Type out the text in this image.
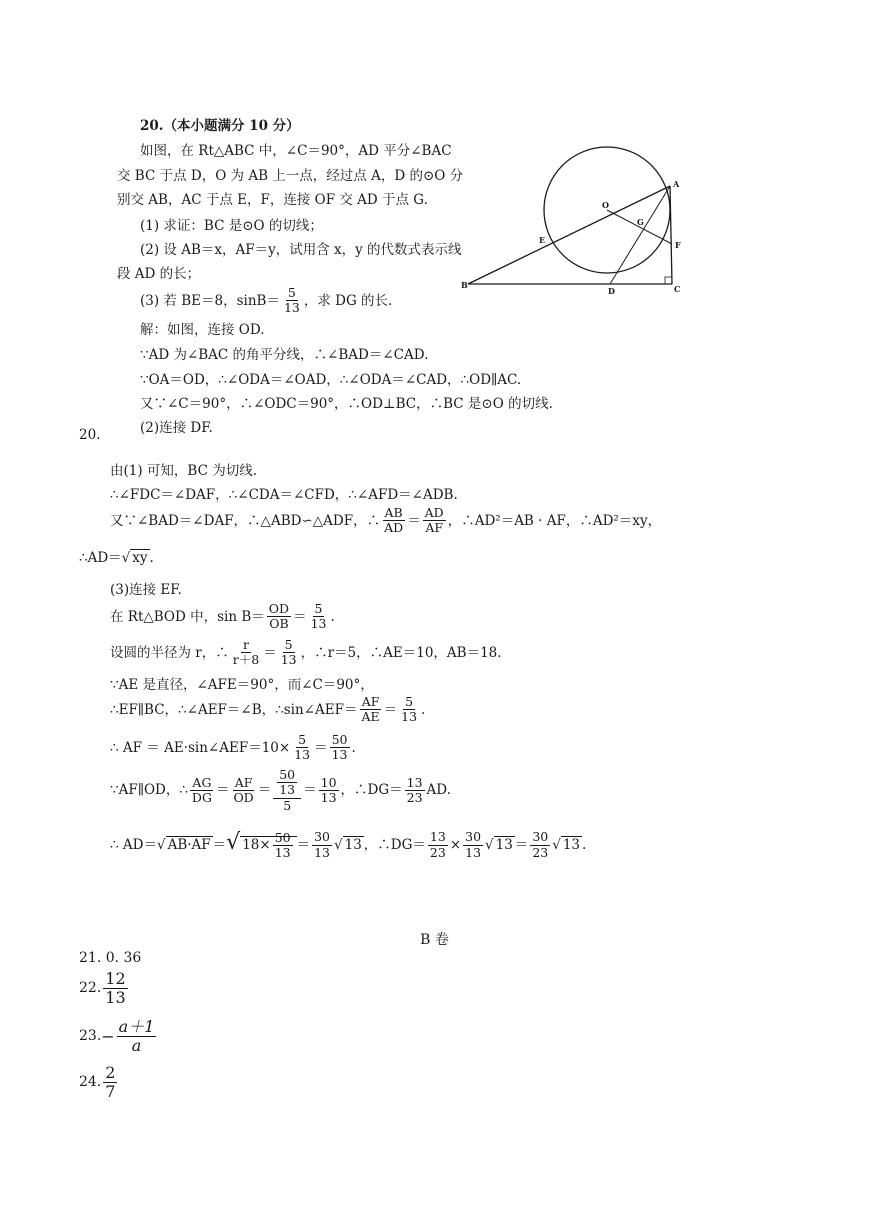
20.（本小题满分 10 分）
如图，在 Rt△ABC 中，∠C＝90°，AD 平分∠BAC
交 BC 于点 D，O 为 AB 上一点，经过点 A，D 的⊙O 分
别交 AB，AC 于点 E，F，连接 OF 交 AD 于点 G.
(1) 求证：BC 是⊙O 的切线；
(2) 设 AB＝x，AF＝y，试用含 x，y 的代数式表示线
段 AD 的长；
(3) 若 BE＝8，$\sin B= \frac{5}{13}$ ，求 DG 的长.
A
B	C
D
E	F
G
O
解：如图，连接 OD.
∵AD 为∠BAC 的角平分线，∴∠BAD＝∠CAD.
∵OA＝OD，∴∠ODA＝∠OAD，∴∠ODA＝∠CAD，∴OD∥AC.
又∵∠C＝90°，∴∠ODC＝90°，∴OD⊥BC，∴BC 是⊙O 的切线.
20.	(2)连接 DF.
由(1) 可知，BC 为切线.
∴∠FDC＝∠DAF，∴∠CDA＝∠CFD，∴∠AFD＝∠ADB.
又∵∠BAD＝∠DAF，∴△ABD∽△ADF，∴ $\frac{AB}{AD} = \frac{AD}{AF}$ ，∴AD²＝AB · AF，∴AD²＝xy，
∴AD＝√ xy .
(3)连接 EF.
在 Rt△BOD 中，$\sin B= \frac{OD}{OB} = \frac{5}{13}$ .
设圆的半径为 r，∴ $\frac{r}{r+8} = \frac{5}{13}$ ，∴r＝5，∴AE＝10，AB＝18.
∵AE 是直径，∠AFE＝90°，而∠C＝90°，
∴EF∥BC，∴∠AEF＝∠B，∴sin∠AEF＝ $\frac{AF}{AE} = \frac{5}{13}$ .
∴ AF ＝ AE·sin∠AEF＝10× $\frac{5}{13} = \frac{50}{13}$ .
∵AF∥OD，∴ $\frac{AG}{DG} = \frac{AF}{OD} = \frac{\frac{50}{13}}{5} = \frac{10}{13}$ ，∴DG＝ $\frac{13}{23}$ AD.
∴ AD＝√ AB·AF ＝√ $18\times \frac{50}{13} = \frac{30}{13}$ √ 13 ，∴DG＝ $\frac{13}{23} \times \frac{30}{13}$ √ $13 = \frac{30}{23}$ √ 13 .
B 卷
21. 0. 36
22. $\frac{12}{13}$
$23.- \frac{a+1}{a}$
24. $\frac{2}{7}$
